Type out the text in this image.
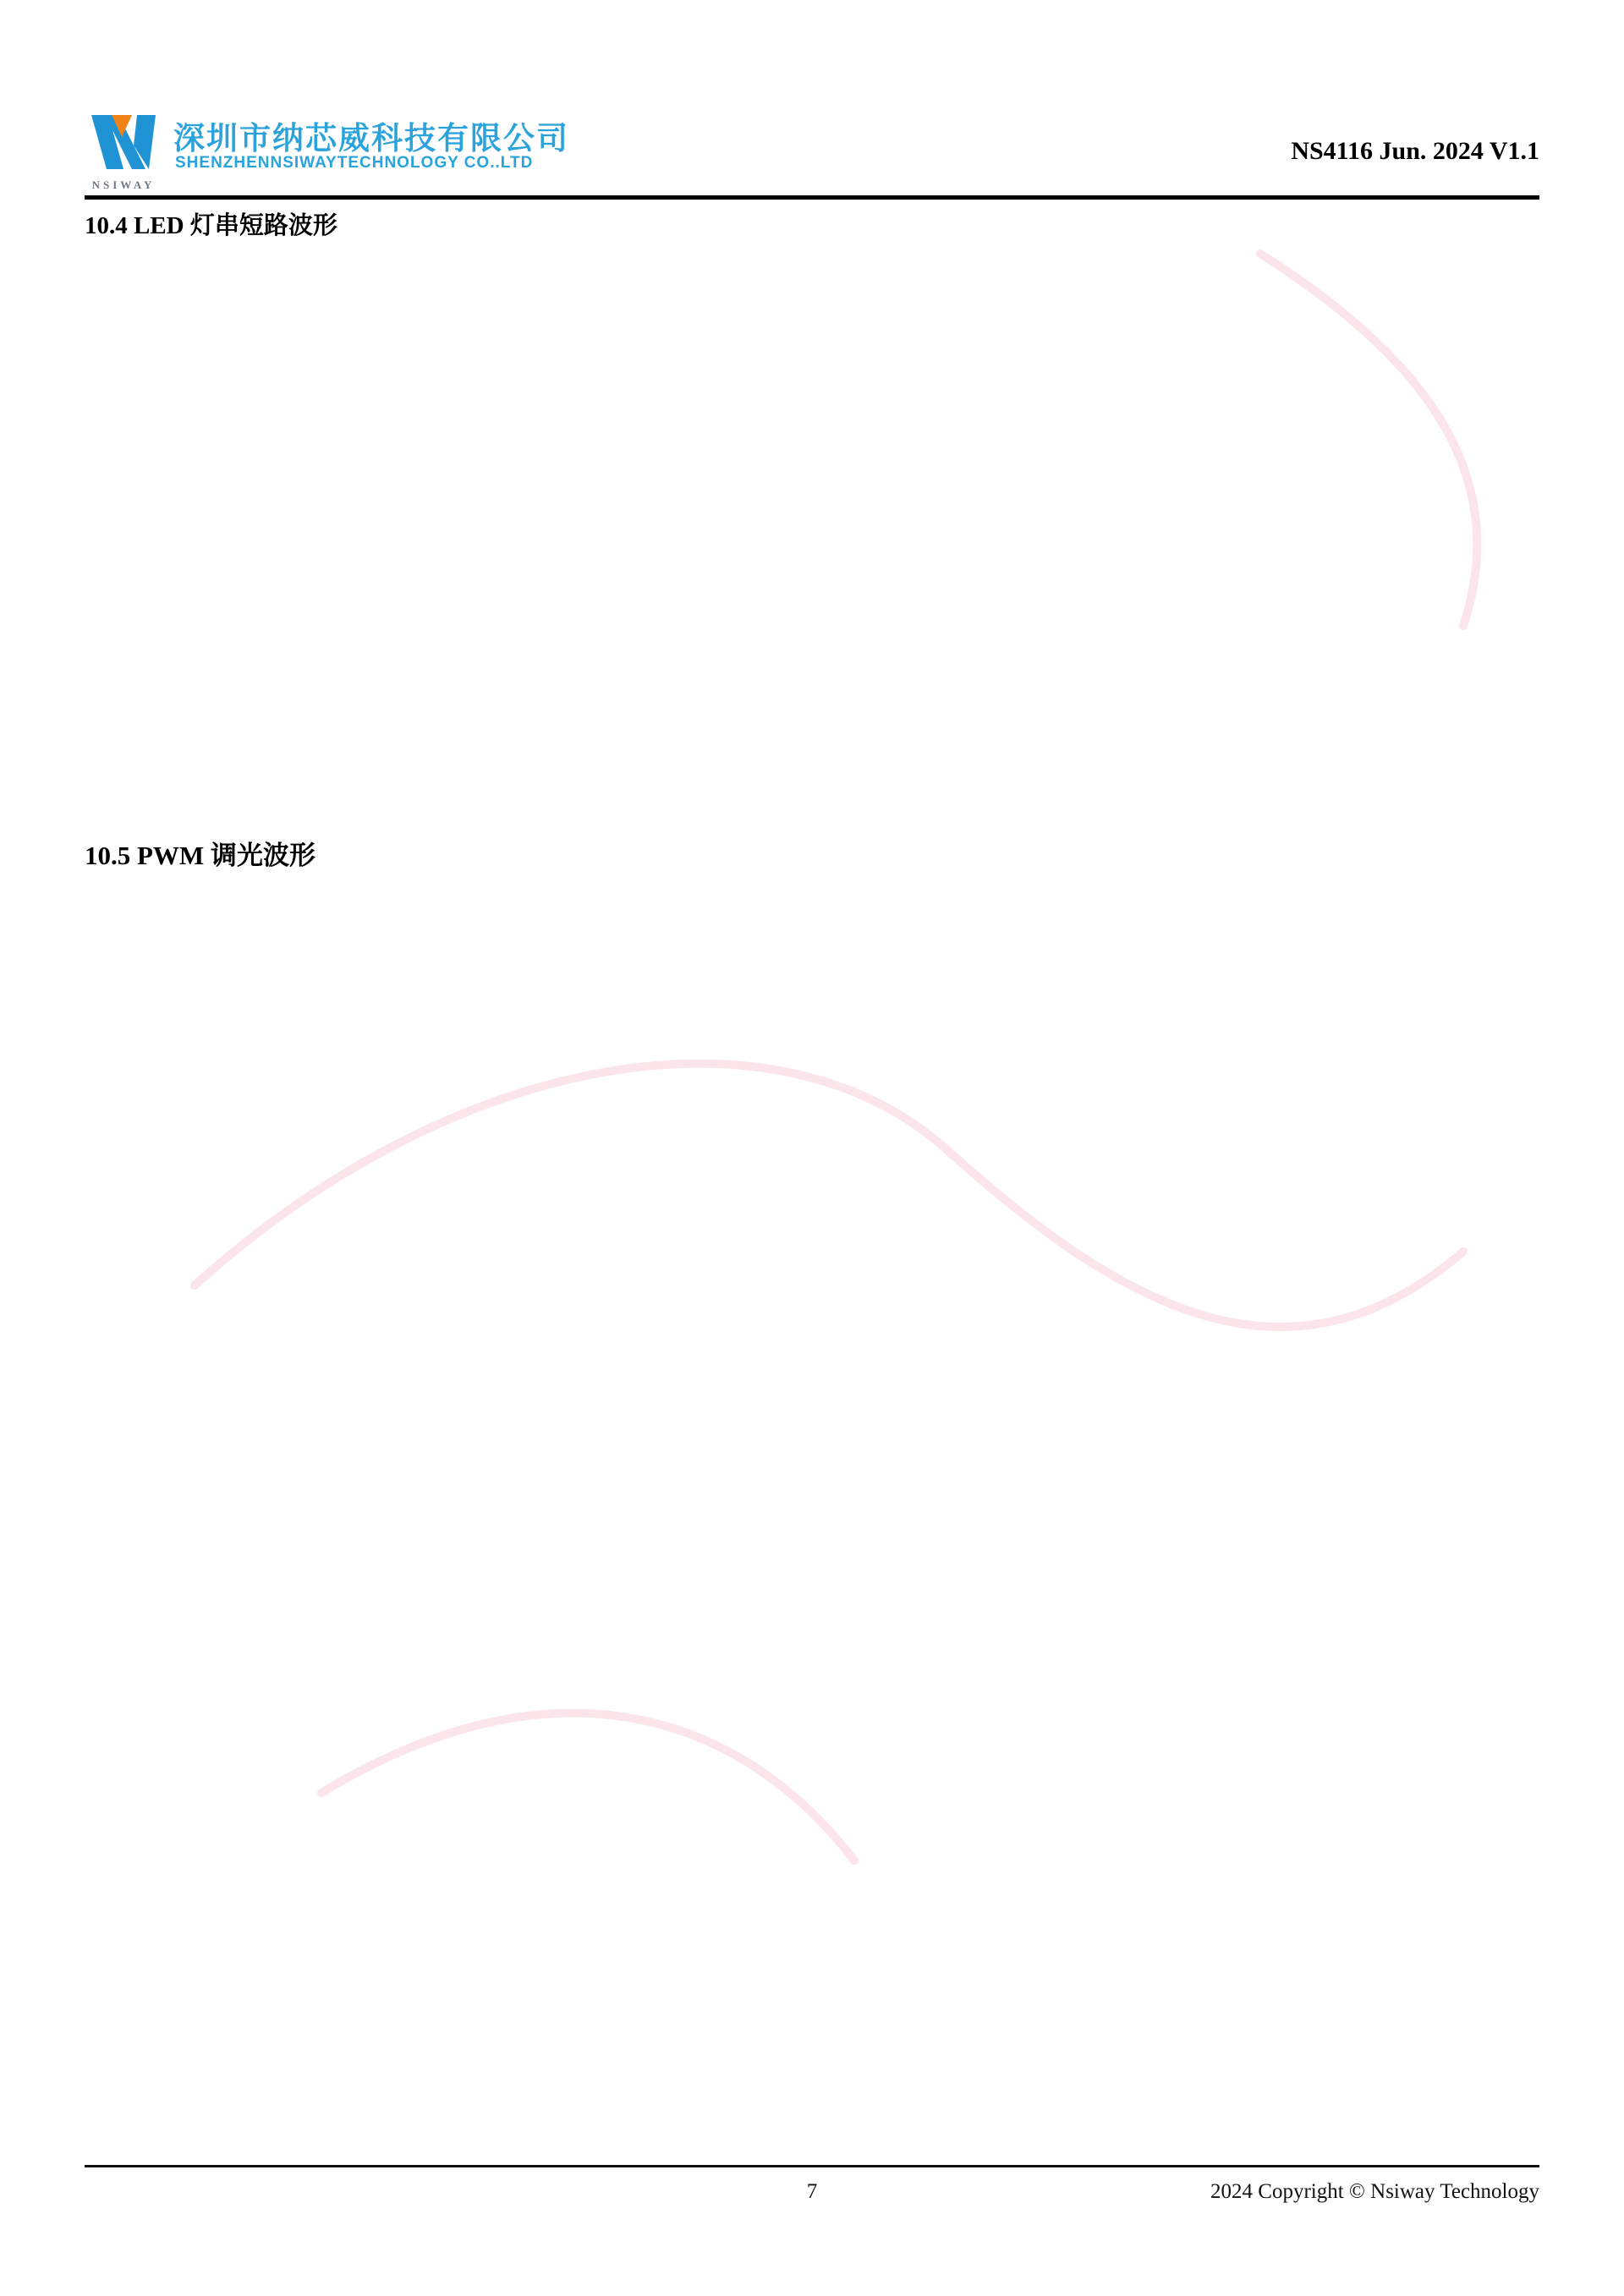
NSIWAY
深圳市纳芯威科技有限公司
SHENZHENNSIWAYTECHNOLOGY CO..LTD	NS4116 Jun. 2024 V1.1
10.4 LED 灯串短路波形
10.5 PWM 调光波形
7	2024 Copyright © Nsiway Technology
